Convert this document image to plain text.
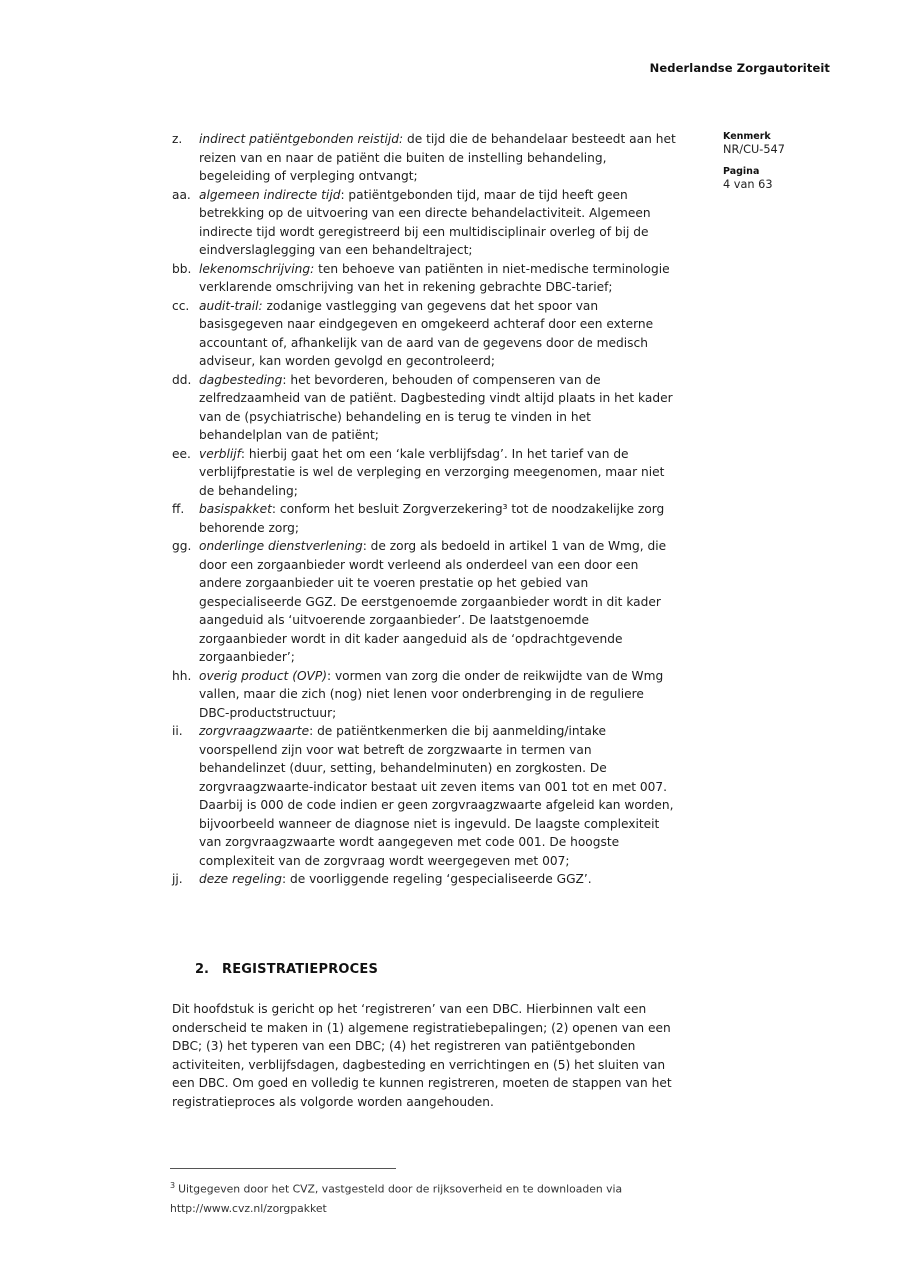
Nederlandse Zorgautoriteit
Kenmerk
NR/CU-547
Pagina
4 van 63
z.	indirect patiëntgebonden reistijd: de tijd die de behandelaar besteedt aan het reizen van en naar de patiënt die buiten de instelling behandeling, begeleiding of verpleging ontvangt;
aa. algemeen indirecte tijd: patiëntgebonden tijd, maar de tijd heeft geen betrekking op de uitvoering van een directe behandelactiviteit. Algemeen indirecte tijd wordt geregistreerd bij een multidisciplinair overleg of bij de eindverslaglegging van een behandeltraject;
bb. lekenomschrijving: ten behoeve van patiënten in niet-medische terminologie verklarende omschrijving van het in rekening gebrachte DBC-tarief;
cc. audit-trail: zodanige vastlegging van gegevens dat het spoor van basisgegeven naar eindgegeven en omgekeerd achteraf door een externe accountant of, afhankelijk van de aard van de gegevens door de medisch adviseur, kan worden gevolgd en gecontroleerd;
dd. dagbesteding: het bevorderen, behouden of compenseren van de zelfredzaamheid van de patiënt. Dagbesteding vindt altijd plaats in het kader van de (psychiatrische) behandeling en is terug te vinden in het behandelplan van de patiënt;
ee. verblijf: hierbij gaat het om een ‘kale verblijfsdag’. In het tarief van de verblijfprestatie is wel de verpleging en verzorging meegenomen, maar niet de behandeling;
ff.	basispakket: conform het besluit Zorgverzekering³ tot de noodzakelijke zorg behorende zorg;
gg. onderlinge dienstverlening: de zorg als bedoeld in artikel 1 van de Wmg, die door een zorgaanbieder wordt verleend als onderdeel van een door een andere zorgaanbieder uit te voeren prestatie op het gebied van gespecialiseerde GGZ. De eerstgenoemde zorgaanbieder wordt in dit kader aangeduid als ‘uitvoerende zorgaanbieder’. De laatstgenoemde zorgaanbieder wordt in dit kader aangeduid als de ‘opdrachtgevende zorgaanbieder’;
hh. overig product (OVP): vormen van zorg die onder de reikwijdte van de Wmg vallen, maar die zich (nog) niet lenen voor onderbrenging in de reguliere DBC-productstructuur;
ii.	zorgvraagzwaarte: de patiëntkenmerken die bij aanmelding/intake voorspellend zijn voor wat betreft de zorgzwaarte in termen van behandelinzet (duur, setting, behandelminuten) en zorgkosten. De zorgvraagzwaarte-indicator bestaat uit zeven items van 001 tot en met 007. Daarbij is 000 de code indien er geen zorgvraagzwaarte afgeleid kan worden, bijvoorbeeld wanneer de diagnose niet is ingevuld. De laagste complexiteit van zorgvraagzwaarte wordt aangegeven met code 001. De hoogste complexiteit van de zorgvraag wordt weergegeven met 007;
jj.	deze regeling: de voorliggende regeling ‘gespecialiseerde GGZ’.
2. REGISTRATIEPROCES
Dit hoofdstuk is gericht op het ‘registreren’ van een DBC. Hierbinnen valt een onderscheid te maken in (1) algemene registratiebepalingen; (2) openen van een DBC; (3) het typeren van een DBC; (4) het registreren van patiëntgebonden activiteiten, verblijfsdagen, dagbesteding en verrichtingen en (5) het sluiten van een DBC. Om goed en volledig te kunnen registreren, moeten de stappen van het registratieproces als volgorde worden aangehouden.
$^3$ Uitgegeven door het CVZ, vastgesteld door de rijksoverheid en te downloaden via
http://www.cvz.nl/zorgpakket
